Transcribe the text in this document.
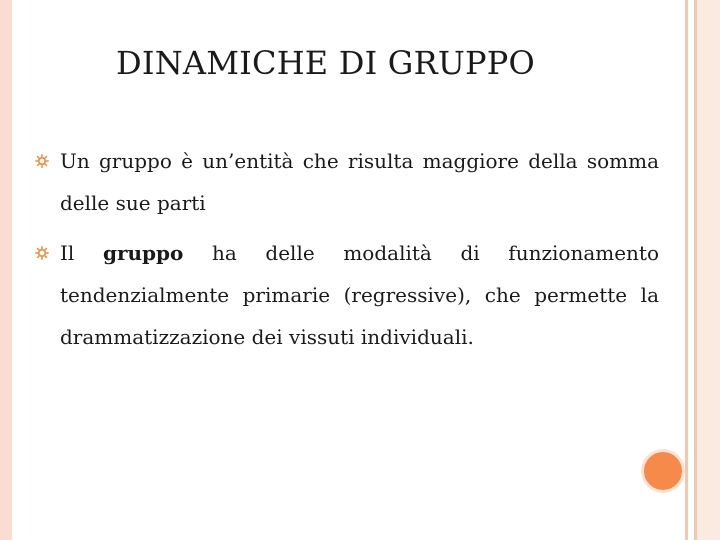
DINAMICHE DI GRUPPO
Un gruppo è un’entità che risulta maggiore della somma delle sue parti
Il gruppo ha delle modalità di funzionamento tendenzialmente primarie (regressive), che permette la drammatizzazione dei vissuti individuali.
